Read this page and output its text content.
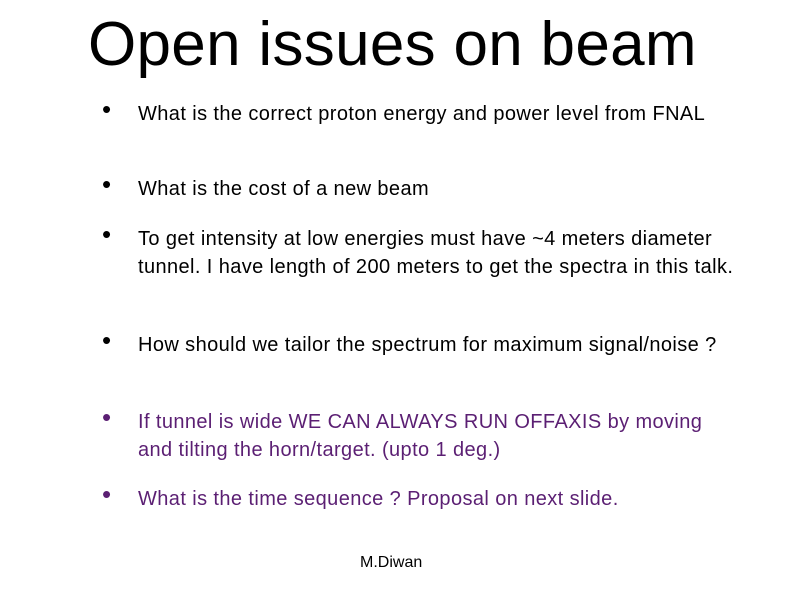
Open issues on beam
•	What is the correct proton energy and power level from FNAL
•	What is the cost of a new beam
•	To get intensity at low energies must have ~4 meters diameter tunnel. I have length of 200 meters to get the spectra in this talk.
•	How should we tailor the spectrum for maximum signal/noise ?
•	If tunnel is wide WE CAN ALWAYS RUN OFFAXIS by moving and tilting the horn/target. (upto 1 deg.)
•	What is the time sequence ? Proposal on next slide.
M.Diwan
